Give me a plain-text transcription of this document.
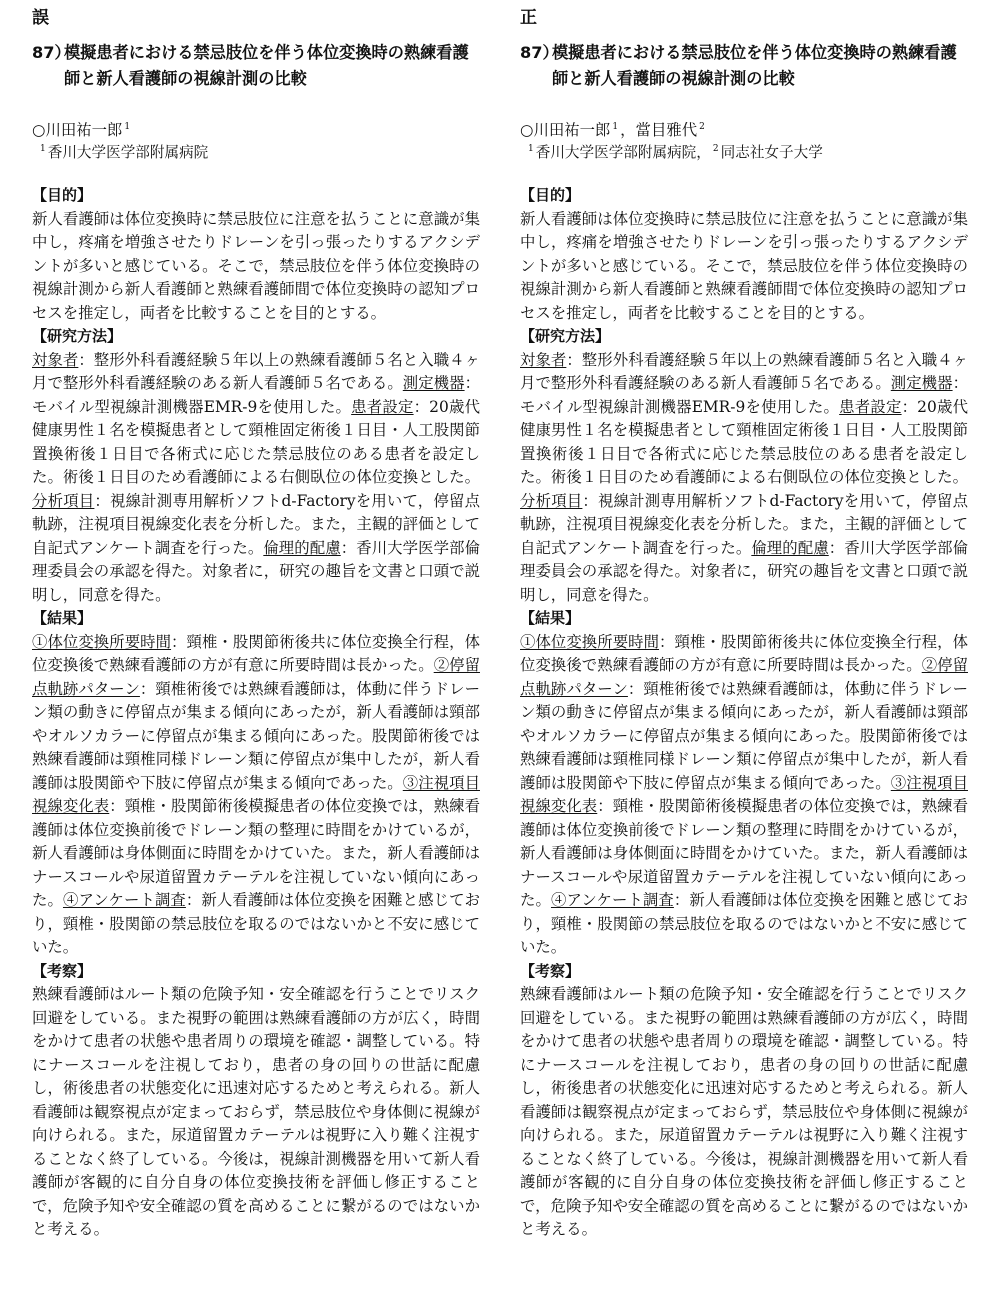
誤
87）
模擬患者における禁忌肢位を伴う体位変換時の熟練看護師と新人看護師の視線計測の比較
○川田祐一郎 $^1$
$^1$ 香川大学医学部附属病院
【目的】

新人看護師は体位変換時に禁忌肢位に注意を払うことに意識が集中し，疼痛を増強させたりドレーンを引っ張ったりするアクシデントが多いと感じている。そこで，禁忌肢位を伴う体位変換時の視線計測から新人看護師と熟練看護師間で体位変換時の認知プロセスを推定し，両者を比較することを目的とする。

【研究方法】

対象者：整形外科看護経験５年以上の熟練看護師５名と入職４ヶ月で整形外科看護経験のある新人看護師５名である。測定機器：モバイル型視線計測機器EMR-9を使用した。患者設定：20歳代健康男性１名を模擬患者として頸椎固定術後１日目・人工股関節置換術後１日目で各術式に応じた禁忌肢位のある患者を設定した。術後１日目のため看護師による右側臥位の体位変換とした。分析項目：視線計測専用解析ソフトd-Factoryを用いて，停留点軌跡，注視項目視線変化表を分析した。また，主観的評価として自記式アンケート調査を行った。倫理的配慮：香川大学医学部倫理委員会の承認を得た。対象者に，研究の趣旨を文書と口頭で説明し，同意を得た。

【結果】

①体位変換所要時間：頸椎・股関節術後共に体位変換全行程，体位変換後で熟練看護師の方が有意に所要時間は長かった。②停留点軌跡パターン：頸椎術後では熟練看護師は，体動に伴うドレーン類の動きに停留点が集まる傾向にあったが，新人看護師は頸部やオルソカラーに停留点が集まる傾向にあった。股関節術後では熟練看護師は頸椎同様ドレーン類に停留点が集中したが，新人看護師は股関節や下肢に停留点が集まる傾向であった。③注視項目視線変化表：頸椎・股関節術後模擬患者の体位変換では，熟練看護師は体位変換前後でドレーン類の整理に時間をかけているが，新人看護師は身体側面に時間をかけていた。また，新人看護師はナースコールや尿道留置カテーテルを注視していない傾向にあった。④アンケート調査：新人看護師は体位変換を困難と感じており，頸椎・股関節の禁忌肢位を取るのではないかと不安に感じていた。

【考察】

熟練看護師はルート類の危険予知・安全確認を行うことでリスク回避をしている。また視野の範囲は熟練看護師の方が広く，時間をかけて患者の状態や患者周りの環境を確認・調整している。特にナースコールを注視しており，患者の身の回りの世話に配慮し，術後患者の状態変化に迅速対応するためと考えられる。新人看護師は観察視点が定まっておらず，禁忌肢位や身体側に視線が向けられる。また，尿道留置カテーテルは視野に入り難く注視することなく終了している。今後は，視線計測機器を用いて新人看護師が客観的に自分自身の体位変換技術を評価し修正することで，危険予知や安全確認の質を高めることに繋がるのではないかと考える。

正
87）
模擬患者における禁忌肢位を伴う体位変換時の熟練看護師と新人看護師の視線計測の比較
○川田祐一郎 $^1$ ，當目雅代 $^2$
$^1$ 香川大学医学部附属病院， $^2$ 同志社女子大学
【目的】

新人看護師は体位変換時に禁忌肢位に注意を払うことに意識が集中し，疼痛を増強させたりドレーンを引っ張ったりするアクシデントが多いと感じている。そこで，禁忌肢位を伴う体位変換時の視線計測から新人看護師と熟練看護師間で体位変換時の認知プロセスを推定し，両者を比較することを目的とする。

【研究方法】

対象者：整形外科看護経験５年以上の熟練看護師５名と入職４ヶ月で整形外科看護経験のある新人看護師５名である。測定機器：モバイル型視線計測機器EMR-9を使用した。患者設定：20歳代健康男性１名を模擬患者として頸椎固定術後１日目・人工股関節置換術後１日目で各術式に応じた禁忌肢位のある患者を設定した。術後１日目のため看護師による右側臥位の体位変換とした。分析項目：視線計測専用解析ソフトd-Factoryを用いて，停留点軌跡，注視項目視線変化表を分析した。また，主観的評価として自記式アンケート調査を行った。倫理的配慮：香川大学医学部倫理委員会の承認を得た。対象者に，研究の趣旨を文書と口頭で説明し，同意を得た。

【結果】

①体位変換所要時間：頸椎・股関節術後共に体位変換全行程，体位変換後で熟練看護師の方が有意に所要時間は長かった。②停留点軌跡パターン：頸椎術後では熟練看護師は，体動に伴うドレーン類の動きに停留点が集まる傾向にあったが，新人看護師は頸部やオルソカラーに停留点が集まる傾向にあった。股関節術後では熟練看護師は頸椎同様ドレーン類に停留点が集中したが，新人看護師は股関節や下肢に停留点が集まる傾向であった。③注視項目視線変化表：頸椎・股関節術後模擬患者の体位変換では，熟練看護師は体位変換前後でドレーン類の整理に時間をかけているが，新人看護師は身体側面に時間をかけていた。また，新人看護師はナースコールや尿道留置カテーテルを注視していない傾向にあった。④アンケート調査：新人看護師は体位変換を困難と感じており，頸椎・股関節の禁忌肢位を取るのではないかと不安に感じていた。

【考察】

熟練看護師はルート類の危険予知・安全確認を行うことでリスク回避をしている。また視野の範囲は熟練看護師の方が広く，時間をかけて患者の状態や患者周りの環境を確認・調整している。特にナースコールを注視しており，患者の身の回りの世話に配慮し，術後患者の状態変化に迅速対応するためと考えられる。新人看護師は観察視点が定まっておらず，禁忌肢位や身体側に視線が向けられる。また，尿道留置カテーテルは視野に入り難く注視することなく終了している。今後は，視線計測機器を用いて新人看護師が客観的に自分自身の体位変換技術を評価し修正することで，危険予知や安全確認の質を高めることに繋がるのではないかと考える。
